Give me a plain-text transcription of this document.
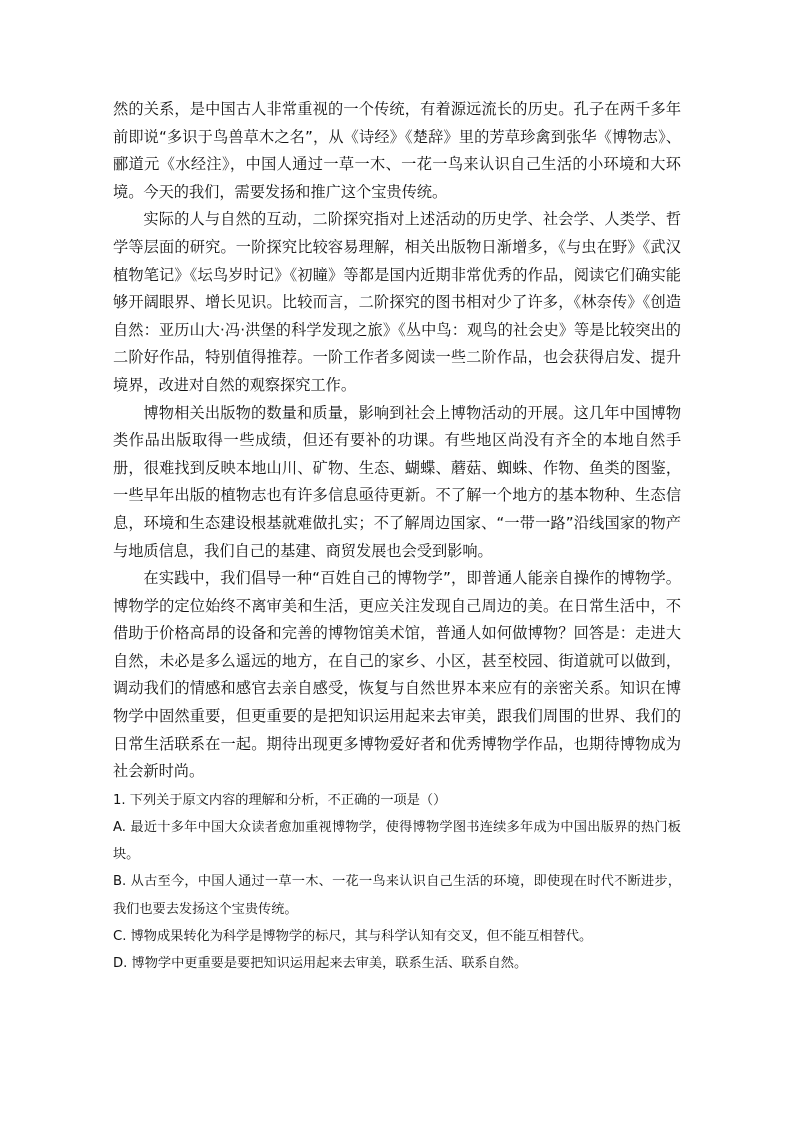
然的关系，是中国古人非常重视的一个传统，有着源远流长的历史。孔子在两千多年前即说“多识于鸟兽草木之名”，从《诗经》《楚辞》里的芳草珍禽到张华《博物志》、郦道元《水经注》，中国人通过一草一木、一花一鸟来认识自己生活的小环境和大环境。今天的我们，需要发扬和推广这个宝贵传统。

实际的人与自然的互动，二阶探究指对上述活动的历史学、社会学、人类学、哲学等层面的研究。一阶探究比较容易理解，相关出版物日渐增多，《与虫在野》《武汉植物笔记》《坛鸟岁时记》《初瞳》等都是国内近期非常优秀的作品，阅读它们确实能够开阔眼界、增长见识。比较而言，二阶探究的图书相对少了许多，《林奈传》《创造自然：亚历山大·冯·洪堡的科学发现之旅》《丛中鸟：观鸟的社会史》等是比较突出的二阶好作品，特别值得推荐。一阶工作者多阅读一些二阶作品，也会获得启发、提升境界，改进对自然的观察探究工作。

博物相关出版物的数量和质量，影响到社会上博物活动的开展。这几年中国博物类作品出版取得一些成绩，但还有要补的功课。有些地区尚没有齐全的本地自然手册，很难找到反映本地山川、矿物、生态、蝴蝶、蘑菇、蜘蛛、作物、鱼类的图鉴，一些早年出版的植物志也有许多信息亟待更新。不了解一个地方的基本物种、生态信息，环境和生态建设根基就难做扎实；不了解周边国家、“一带一路”沿线国家的物产与地质信息，我们自己的基建、商贸发展也会受到影响。

在实践中，我们倡导一种“百姓自己的博物学”，即普通人能亲自操作的博物学。博物学的定位始终不离审美和生活，更应关注发现自己周边的美。在日常生活中，不借助于价格高昂的设备和完善的博物馆美术馆，普通人如何做博物？回答是：走进大自然，未必是多么遥远的地方，在自己的家乡、小区，甚至校园、街道就可以做到，调动我们的情感和感官去亲自感受，恢复与自然世界本来应有的亲密关系。知识在博物学中固然重要，但更重要的是把知识运用起来去审美，跟我们周围的世界、我们的日常生活联系在一起。期待出现更多博物爱好者和优秀博物学作品，也期待博物成为社会新时尚。

1. 下列关于原文内容的理解和分析，不正确的一项是（）

A. 最近十多年中国大众读者愈加重视博物学，使得博物学图书连续多年成为中国出版界的热门板块。

B. 从古至今，中国人通过一草一木、一花一鸟来认识自己生活的环境，即使现在时代不断进步，我们也要去发扬这个宝贵传统。

C. 博物成果转化为科学是博物学的标尺，其与科学认知有交叉，但不能互相替代。

D. 博物学中更重要是要把知识运用起来去审美，联系生活、联系自然。
